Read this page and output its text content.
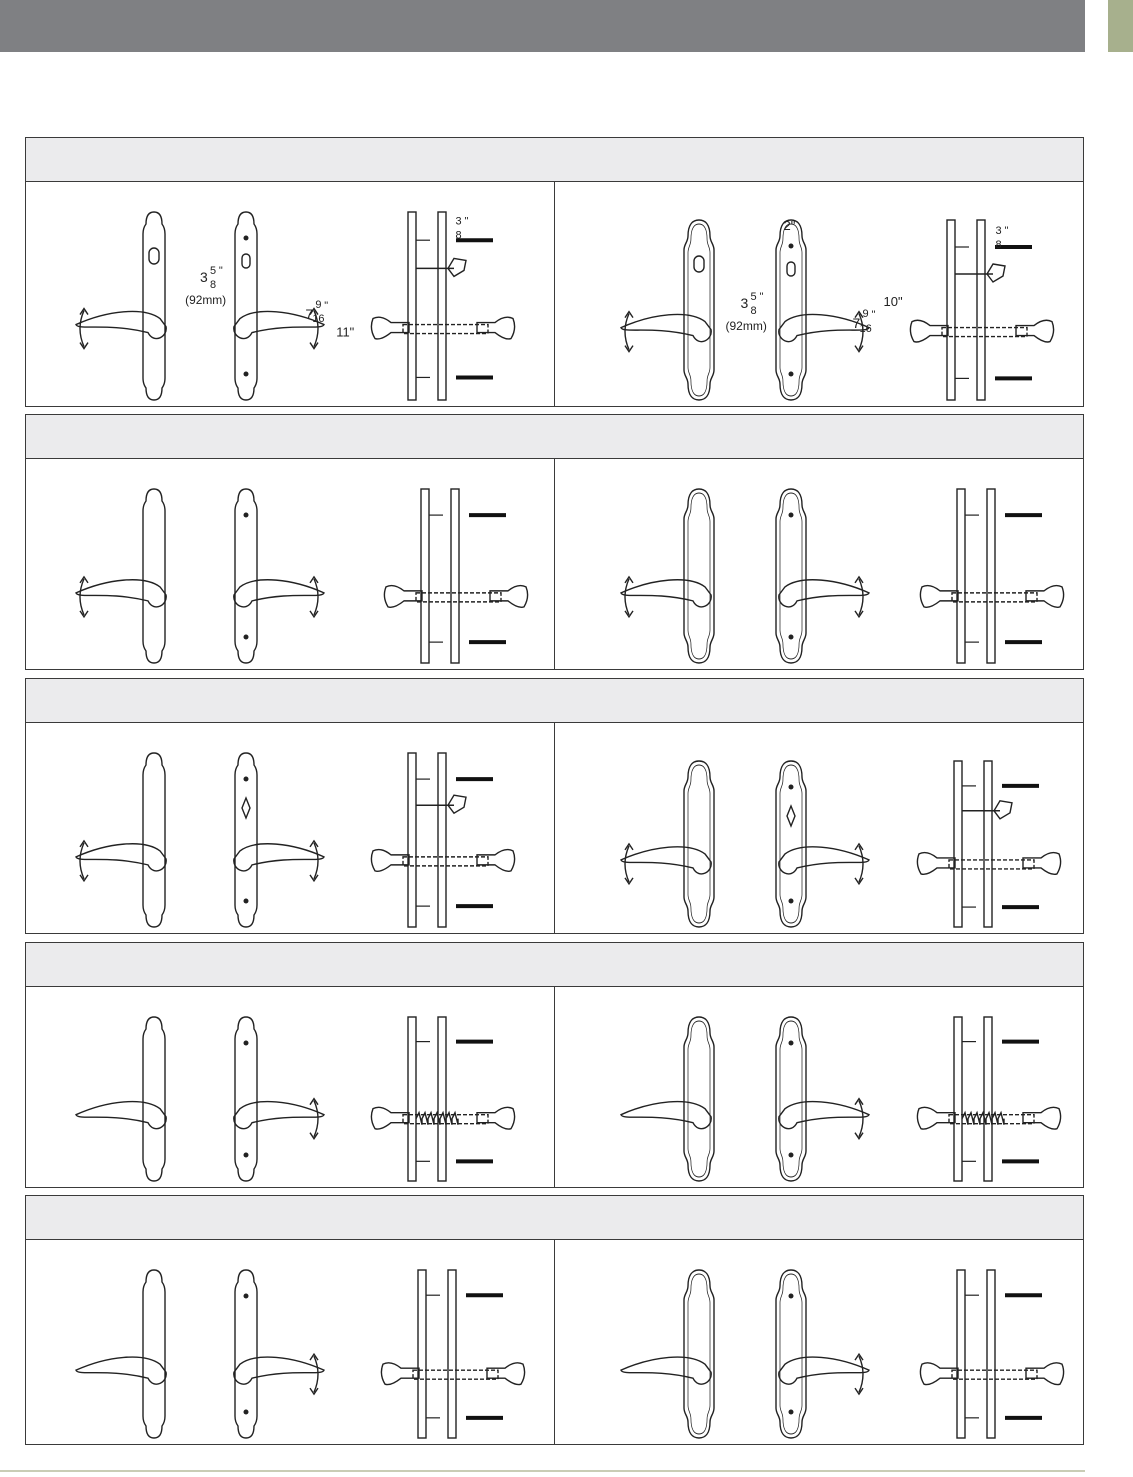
3 5
8
"
(92mm)
7
9
16
"
11"
3
8
"	2"
3 5
8
"
(92mm)	7
9
16
"
10"
3
8
"
